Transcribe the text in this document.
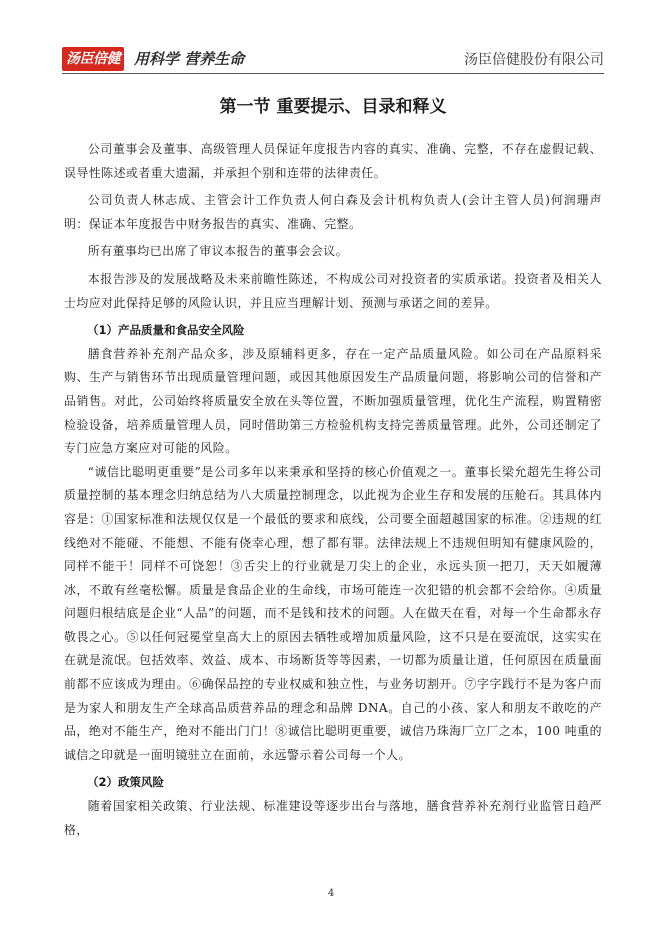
汤臣倍健 用科学 营养生命	汤臣倍健股份有限公司
第一节 重要提示、目录和释义

公司董事会及董事、高级管理人员保证年度报告内容的真实、准确、完整，不存在虚假记载、误导性陈述或者重大遗漏，并承担个别和连带的法律责任。

公司负责人林志成、主管会计工作负责人何白森及会计机构负责人(会计主管人员)何润珊声明：保证本年度报告中财务报告的真实、准确、完整。

所有董事均已出席了审议本报告的董事会会议。

本报告涉及的发展战略及未来前瞻性陈述，不构成公司对投资者的实质承诺。投资者及相关人士均应对此保持足够的风险认识，并且应当理解计划、预测与承诺之间的差异。

（1）产品质量和食品安全风险

膳食营养补充剂产品众多，涉及原辅料更多，存在一定产品质量风险。如公司在产品原料采购、生产与销售环节出现质量管理问题，或因其他原因发生产品质量问题，将影响公司的信誉和产品销售。对此，公司始终将质量安全放在头等位置，不断加强质量管理，优化生产流程，购置精密检验设备，培养质量管理人员，同时借助第三方检验机构支持完善质量管理。此外，公司还制定了专门应急方案应对可能的风险。

“诚信比聪明更重要”是公司多年以来秉承和坚持的核心价值观之一。董事长梁允超先生将公司质量控制的基本理念归纳总结为八大质量控制理念，以此视为企业生存和发展的压舱石。其具体内容是：①国家标准和法规仅仅是一个最低的要求和底线，公司要全面超越国家的标准。②违规的红线绝对不能碰、不能想、不能有侥幸心理，想了都有罪。法律法规上不违规但明知有健康风险的，同样不能干！同样不可饶恕！③舌尖上的行业就是刀尖上的企业，永远头顶一把刀，天天如履薄冰，不敢有丝毫松懈。质量是食品企业的生命线，市场可能连一次犯错的机会都不会给你。④质量问题归根结底是企业“人品”的问题，而不是钱和技术的问题。人在做天在看，对每一个生命都永存敬畏之心。⑤以任何冠冕堂皇高大上的原因去牺牲或增加质量风险，这不只是在耍流氓，这实实在在就是流氓。包括效率、效益、成本、市场断货等等因素，一切都为质量让道，任何原因在质量面前都不应该成为理由。⑥确保品控的专业权威和独立性，与业务切割开。⑦字字践行不是为客户而是为家人和朋友生产全球高品质营养品的理念和品牌 DNA。自己的小孩、家人和朋友不敢吃的产品，绝对不能生产，绝对不能出门门！⑧诚信比聪明更重要，诚信乃珠海厂立厂之本，100 吨重的诚信之印就是一面明镜驻立在面前，永远警示着公司每一个人。

（2）政策风险

随着国家相关政策、行业法规、标准建设等逐步出台与落地，膳食营养补充剂行业监管日趋严格，

4
